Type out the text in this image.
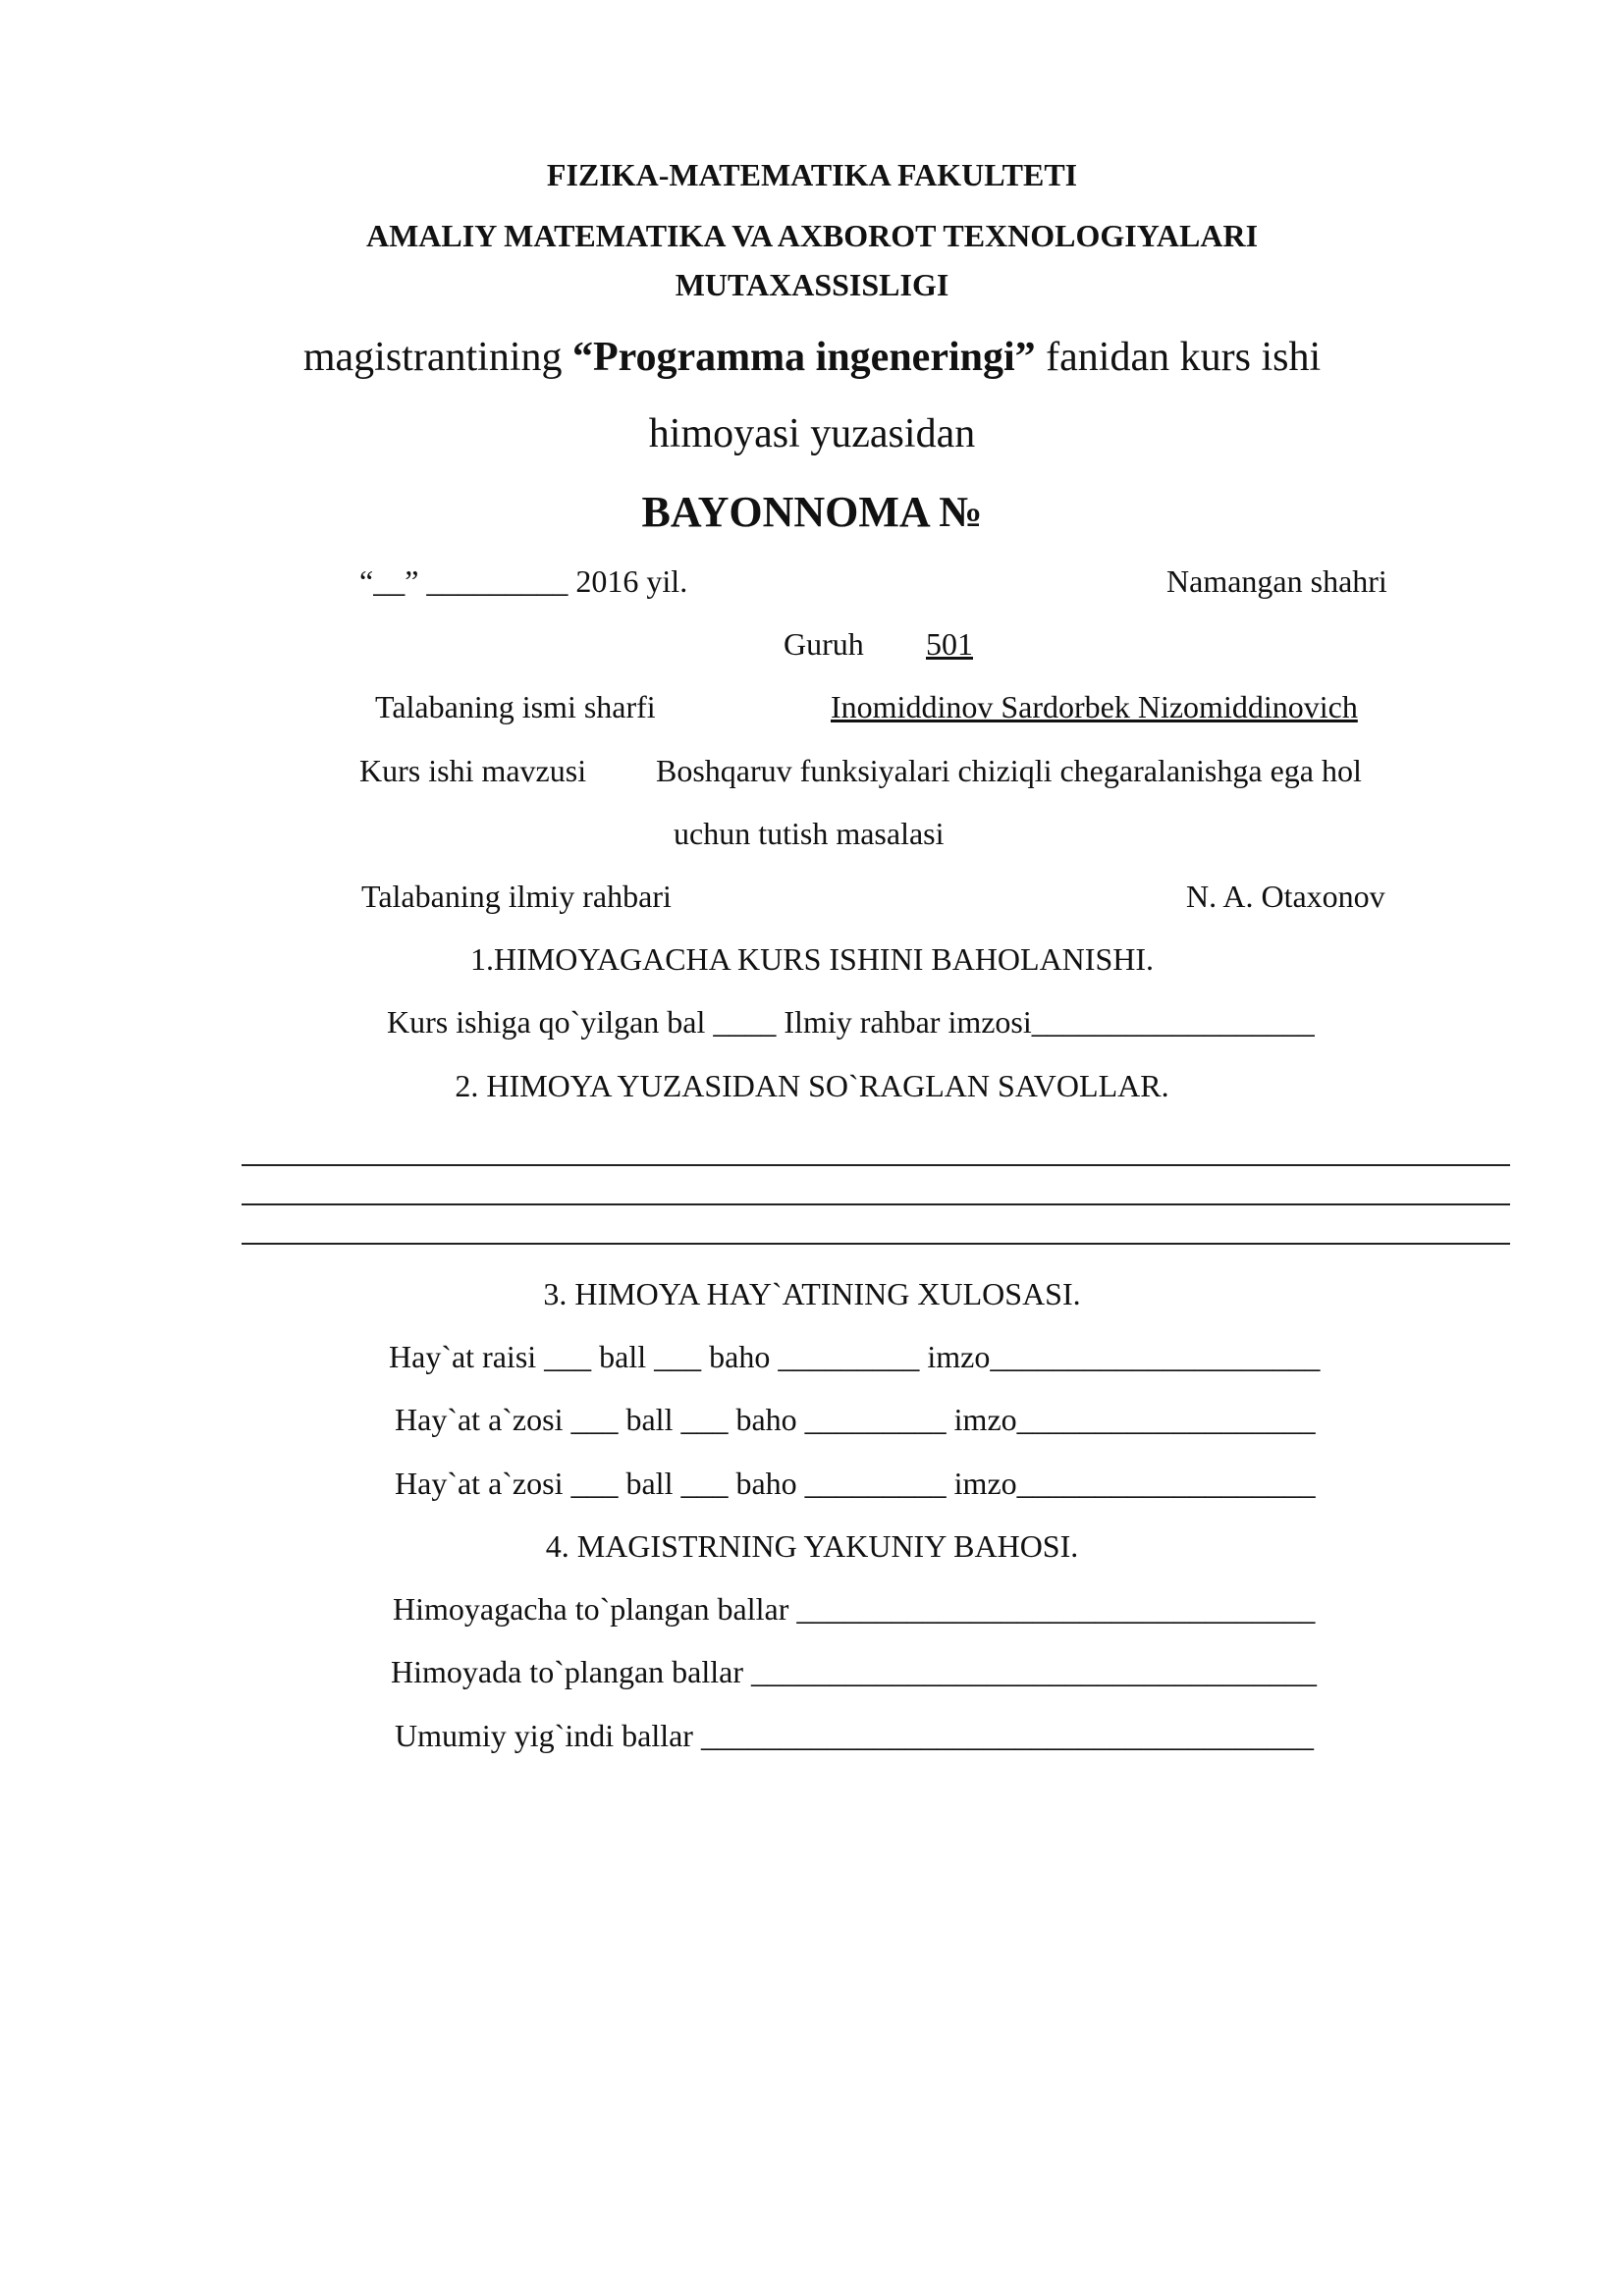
FIZIKA-MATEMATIKA FAKULTETI
AMALIY MATEMATIKA VA AXBOROT TEXNOLOGIYALARI
MUTAXASSISLIGI
magistrantining “Programma ingeneringi” fanidan kurs ishi
himoyasi yuzasidan
BAYONNOMA №
“__” _________ 2016 yil.	Namangan shahri
Guruh 501
Talabaning ismi sharfi	Inomiddinov Sardorbek Nizomiddinovich
Kurs ishi mavzusi Boshqaruv funksiyalari chiziqli chegaralanishga ega hol
uchun tutish masalasi
Talabaning ilmiy rahbari	N. A. Otaxonov
1.HIMOYAGACHA KURS ISHINI BAHOLANISHI.
Kurs ishiga qo`yilgan bal ____ Ilmiy rahbar imzosi__________________
2. HIMOYA YUZASIDAN SO`RAGLAN SAVOLLAR.
3. HIMOYA HAY`ATINING XULOSASI.
Hay`at raisi ___ ball ___ baho _________ imzo_____________________
Hay`at a`zosi ___ ball ___ baho _________ imzo___________________
Hay`at a`zosi ___ ball ___ baho _________ imzo___________________
4. MAGISTRNING YAKUNIY BAHOSI.
Himoyagacha to`plangan ballar _________________________________
Himoyada to`plangan ballar ____________________________________
Umumiy yig`indi ballar _______________________________________
